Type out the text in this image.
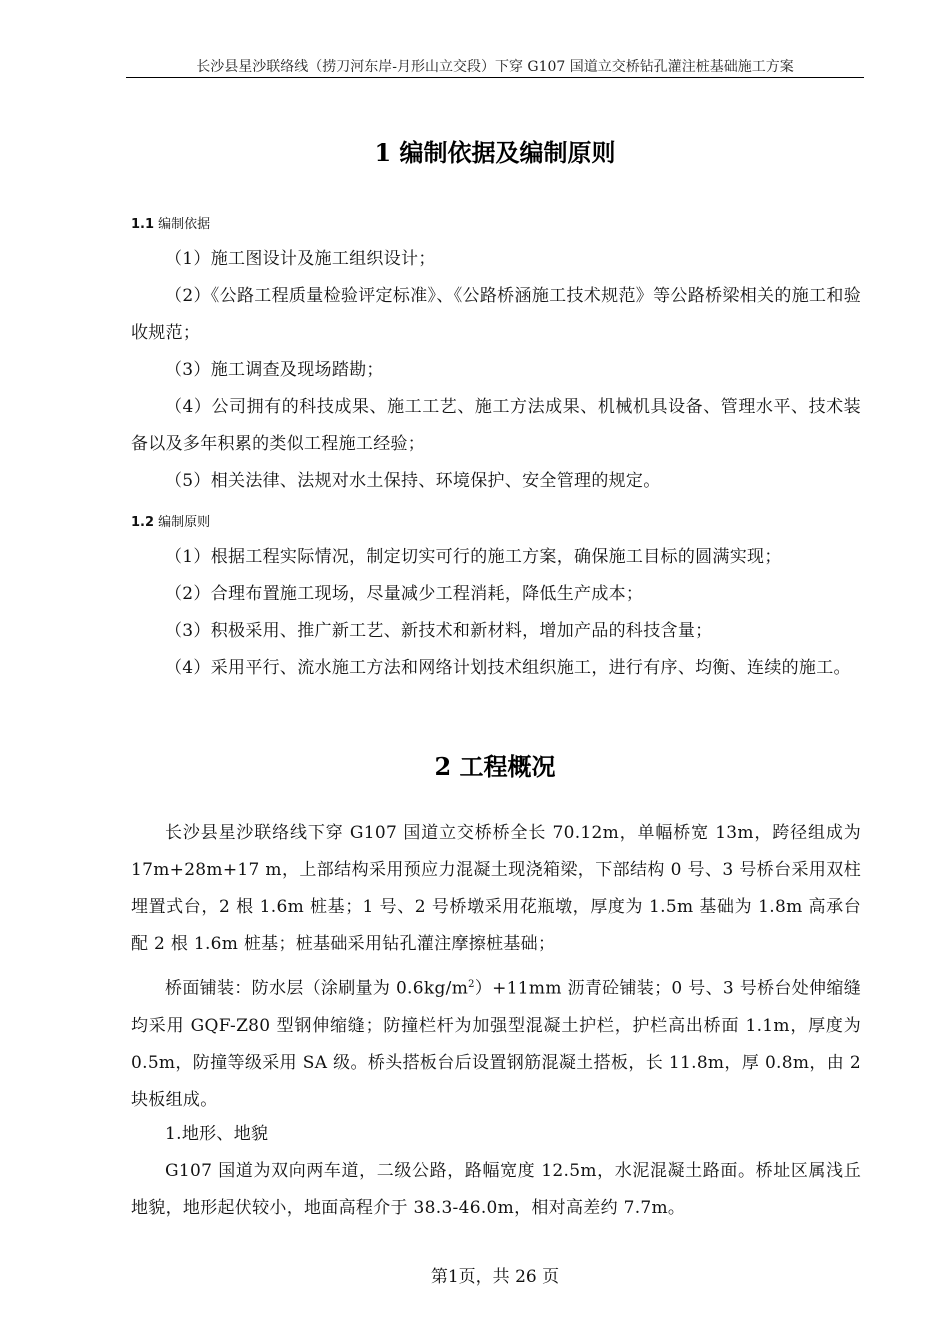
长沙县星沙联络线（捞刀河东岸-月形山立交段）下穿 G107 国道立交桥钻孔灌注桩基础施工方案
1 编制依据及编制原则
1.1 编制依据
（1）施工图设计及施工组织设计；
（2）《公路工程质量检验评定标准》、《公路桥涵施工技术规范》等公路桥梁相关的施工和验收规范；
（3）施工调查及现场踏勘；
（4）公司拥有的科技成果、施工工艺、施工方法成果、机械机具设备、管理水平、技术装备以及多年积累的类似工程施工经验；
（5）相关法律、法规对水土保持、环境保护、安全管理的规定。
1.2 编制原则
（1）根据工程实际情况，制定切实可行的施工方案，确保施工目标的圆满实现；
（2）合理布置施工现场，尽量减少工程消耗，降低生产成本；
（3）积极采用、推广新工艺、新技术和新材料，增加产品的科技含量；
（4）采用平行、流水施工方法和网络计划技术组织施工，进行有序、均衡、连续的施工。
2 工程概况
长沙县星沙联络线下穿 G107 国道立交桥桥全长 70.12m，单幅桥宽 13m，跨径组成为 17m+28m+17 m，上部结构采用预应力混凝土现浇箱梁，下部结构 0 号、3 号桥台采用双柱埋置式台，2 根 1.6m 桩基；1 号、2 号桥墩采用花瓶墩，厚度为 1.5m 基础为 1.8m 高承台配 2 根 1.6m 桩基；桩基础采用钻孔灌注摩擦桩基础；
桥面铺装：防水层（涂刷量为 $0.6kg/m^2)+11mm$ 沥青砼铺装；0 号、3 号桥台处伸缩缝均采用 GQF-Z80 型钢伸缩缝；防撞栏杆为加强型混凝土护栏，护栏高出桥面 1.1m，厚度为 0.5m，防撞等级采用 SA 级。桥头搭板台后设置钢筋混凝土搭板，长 11.8m，厚 0.8m，由 2 块板组成。
1.地形、地貌
G107 国道为双向两车道，二级公路，路幅宽度 12.5m，水泥混凝土路面。桥址区属浅丘地貌，地形起伏较小，地面高程介于 38.3-46.0m，相对高差约 7.7m。
第1页，共 26 页
